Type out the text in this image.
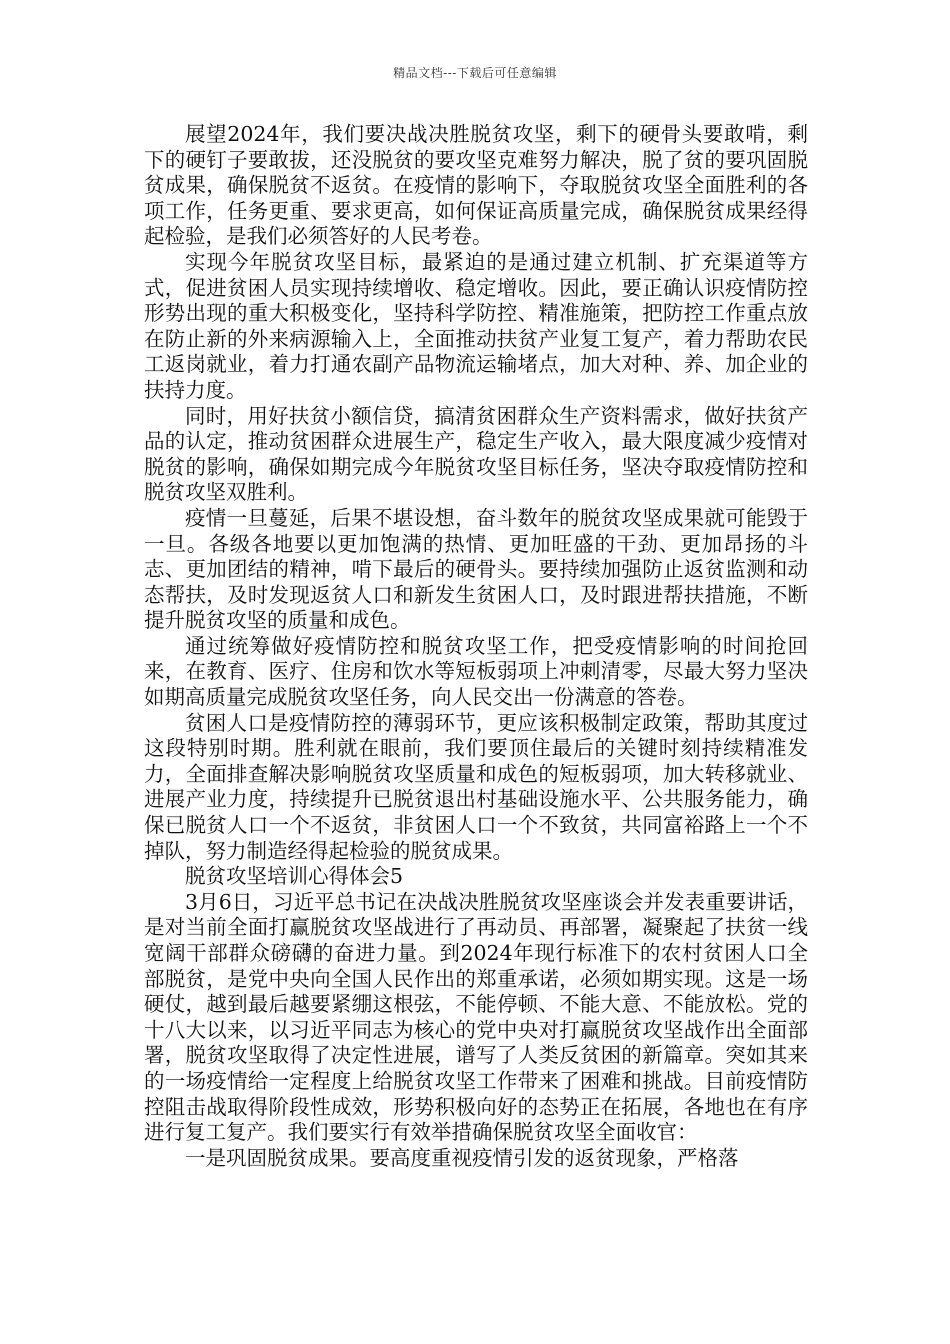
精品文档---下载后可任意编辑

展望2024年，我们要决战决胜脱贫攻坚，剩下的硬骨头要敢啃，剩下的硬钉子要敢拔，还没脱贫的要攻坚克难努力解决，脱了贫的要巩固脱贫成果，确保脱贫不返贫。在疫情的影响下，夺取脱贫攻坚全面胜利的各项工作，任务更重、要求更高，如何保证高质量完成，确保脱贫成果经得起检验，是我们必须答好的人民考卷。

实现今年脱贫攻坚目标，最紧迫的是通过建立机制、扩充渠道等方式，促进贫困人员实现持续增收、稳定增收。因此，要正确认识疫情防控形势出现的重大积极变化，坚持科学防控、精准施策，把防控工作重点放在防止新的外来病源输入上，全面推动扶贫产业复工复产，着力帮助农民工返岗就业，着力打通农副产品物流运输堵点，加大对种、养、加企业的扶持力度。

同时，用好扶贫小额信贷，搞清贫困群众生产资料需求，做好扶贫产品的认定，推动贫困群众进展生产，稳定生产收入，最大限度减少疫情对脱贫的影响，确保如期完成今年脱贫攻坚目标任务，坚决夺取疫情防控和脱贫攻坚双胜利。

疫情一旦蔓延，后果不堪设想，奋斗数年的脱贫攻坚成果就可能毁于一旦。各级各地要以更加饱满的热情、更加旺盛的干劲、更加昂扬的斗志、更加团结的精神，啃下最后的硬骨头。要持续加强防止返贫监测和动态帮扶，及时发现返贫人口和新发生贫困人口，及时跟进帮扶措施，不断提升脱贫攻坚的质量和成色。

通过统筹做好疫情防控和脱贫攻坚工作，把受疫情影响的时间抢回来，在教育、医疗、住房和饮水等短板弱项上冲刺清零，尽最大努力坚决如期高质量完成脱贫攻坚任务，向人民交出一份满意的答卷。

贫困人口是疫情防控的薄弱环节，更应该积极制定政策，帮助其度过这段特别时期。胜利就在眼前，我们要顶住最后的关键时刻持续精准发力，全面排查解决影响脱贫攻坚质量和成色的短板弱项，加大转移就业、进展产业力度，持续提升已脱贫退出村基础设施水平、公共服务能力，确保已脱贫人口一个不返贫，非贫困人口一个不致贫，共同富裕路上一个不掉队，努力制造经得起检验的脱贫成果。

脱贫攻坚培训心得体会5

3月6日，习近平总书记在决战决胜脱贫攻坚座谈会并发表重要讲话，是对当前全面打赢脱贫攻坚战进行了再动员、再部署，凝聚起了扶贫一线宽阔干部群众磅礴的奋进力量。到2024年现行标准下的农村贫困人口全部脱贫，是党中央向全国人民作出的郑重承诺，必须如期实现。这是一场硬仗，越到最后越要紧绷这根弦，不能停顿、不能大意、不能放松。党的十八大以来，以习近平同志为核心的党中央对打赢脱贫攻坚战作出全面部署，脱贫攻坚取得了决定性进展，谱写了人类反贫困的新篇章。突如其来的一场疫情给一定程度上给脱贫攻坚工作带来了困难和挑战。目前疫情防控阻击战取得阶段性成效，形势积极向好的态势正在拓展，各地也在有序进行复工复产。我们要实行有效举措确保脱贫攻坚全面收官：

一是巩固脱贫成果。要高度重视疫情引发的返贫现象，严格落
